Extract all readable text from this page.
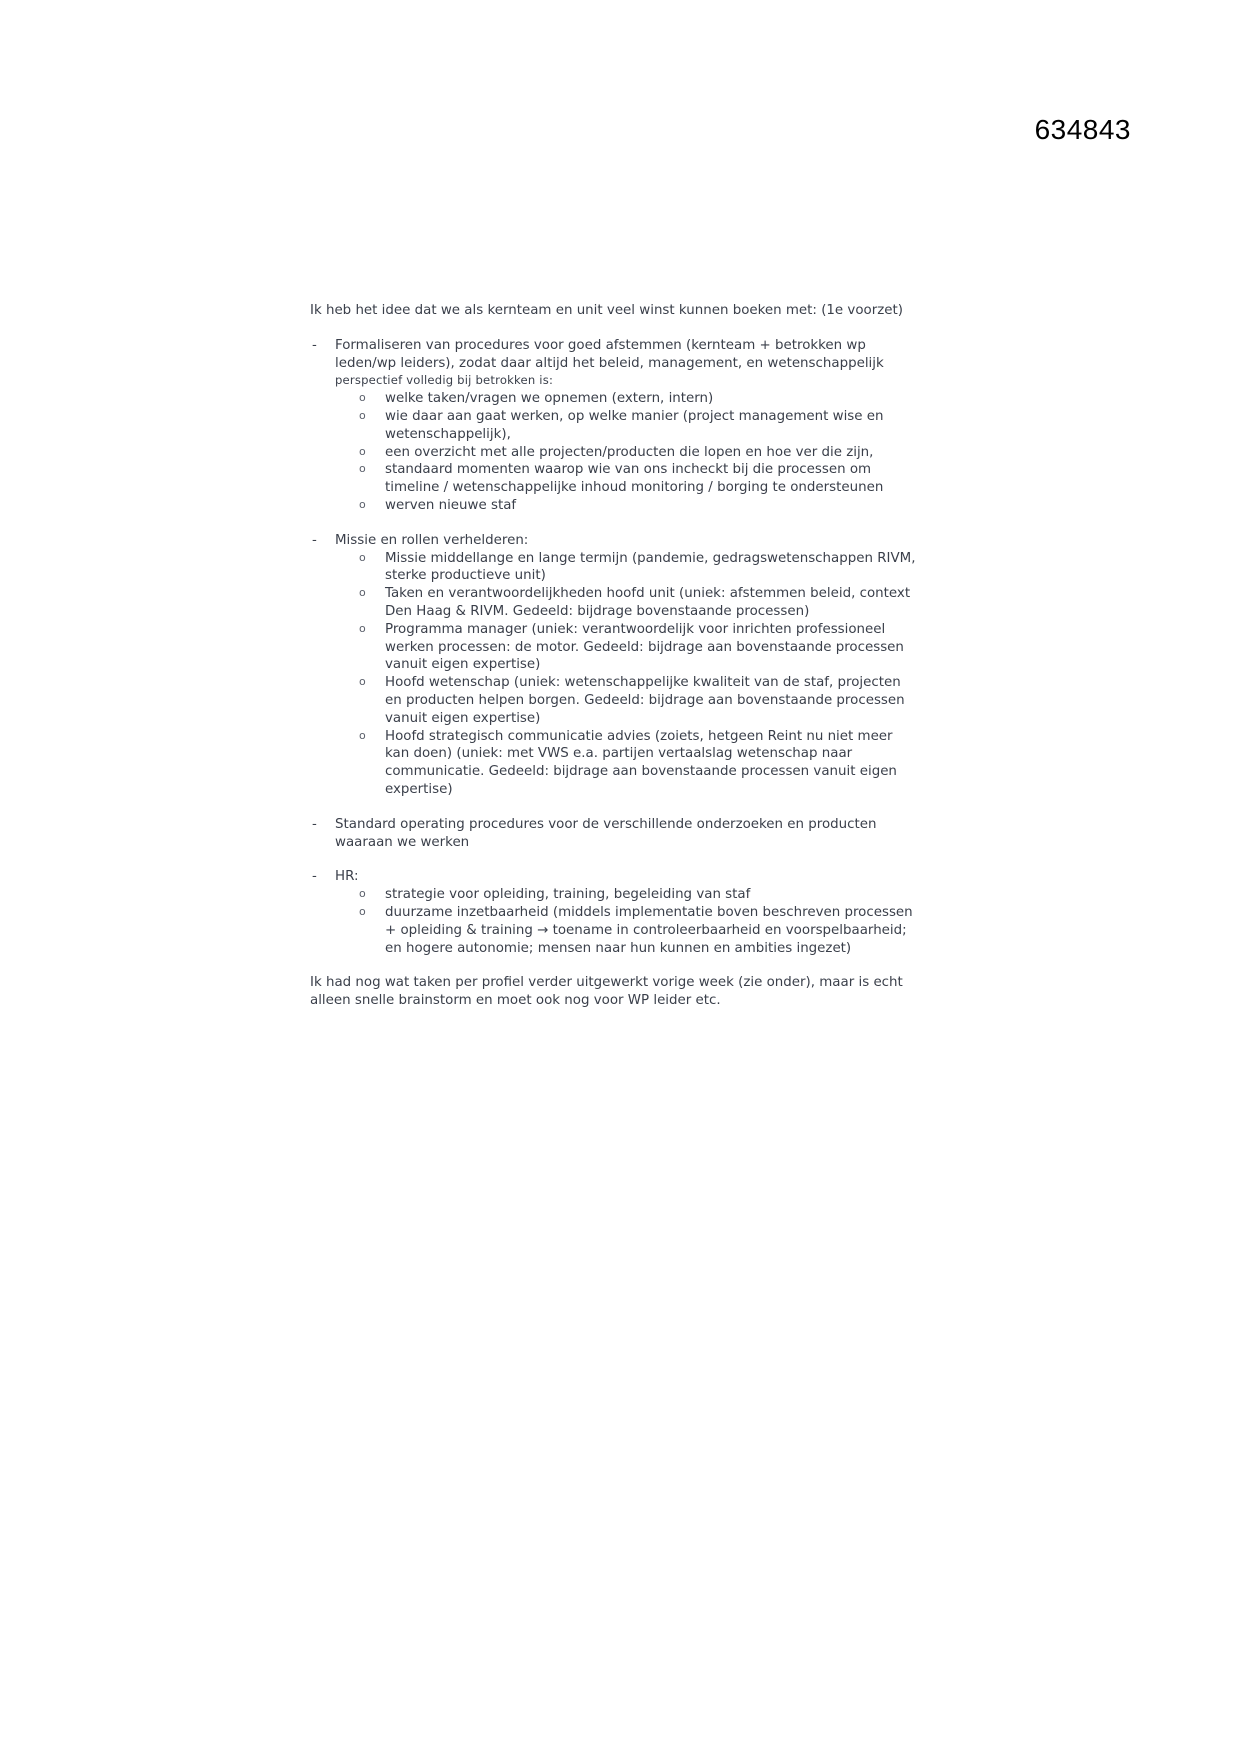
634843

Ik heb het idee dat we als kernteam en unit veel winst kunnen boeken met: (1e voorzet)

- Formaliseren van procedures voor goed afstemmen (kernteam + betrokken wp
leden/wp leiders), zodat daar altijd het beleid, management, en wetenschappelijk
perspectief volledig bij betrokken is:
o welke taken/vragen we opnemen (extern, intern)
o wie daar aan gaat werken, op welke manier (project management wise en
wetenschappelijk),
o een overzicht met alle projecten/producten die lopen en hoe ver die zijn,
o standaard momenten waarop wie van ons incheckt bij die processen om
timeline / wetenschappelijke inhoud monitoring / borging te ondersteunen
o werven nieuwe staf
- Missie en rollen verhelderen:
o Missie middellange en lange termijn (pandemie, gedragswetenschappen RIVM,
sterke productieve unit)
o Taken en verantwoordelijkheden hoofd unit (uniek: afstemmen beleid, context
Den Haag & RIVM. Gedeeld: bijdrage bovenstaande processen)
o Programma manager (uniek: verantwoordelijk voor inrichten professioneel
werken processen: de motor. Gedeeld: bijdrage aan bovenstaande processen
vanuit eigen expertise)
o Hoofd wetenschap (uniek: wetenschappelijke kwaliteit van de staf, projecten
en producten helpen borgen. Gedeeld: bijdrage aan bovenstaande processen
vanuit eigen expertise)
o Hoofd strategisch communicatie advies (zoiets, hetgeen Reint nu niet meer
kan doen) (uniek: met VWS e.a. partijen vertaalslag wetenschap naar
communicatie. Gedeeld: bijdrage aan bovenstaande processen vanuit eigen
expertise)
- Standard operating procedures voor de verschillende onderzoeken en producten
waaraan we werken
- HR:
o strategie voor opleiding, training, begeleiding van staf
o duurzame inzetbaarheid (middels implementatie boven beschreven processen
+ opleiding & training → toename in controleerbaarheid en voorspelbaarheid;
en hogere autonomie; mensen naar hun kunnen en ambities ingezet)

Ik had nog wat taken per profiel verder uitgewerkt vorige week (zie onder), maar is echt
alleen snelle brainstorm en moet ook nog voor WP leider etc.
